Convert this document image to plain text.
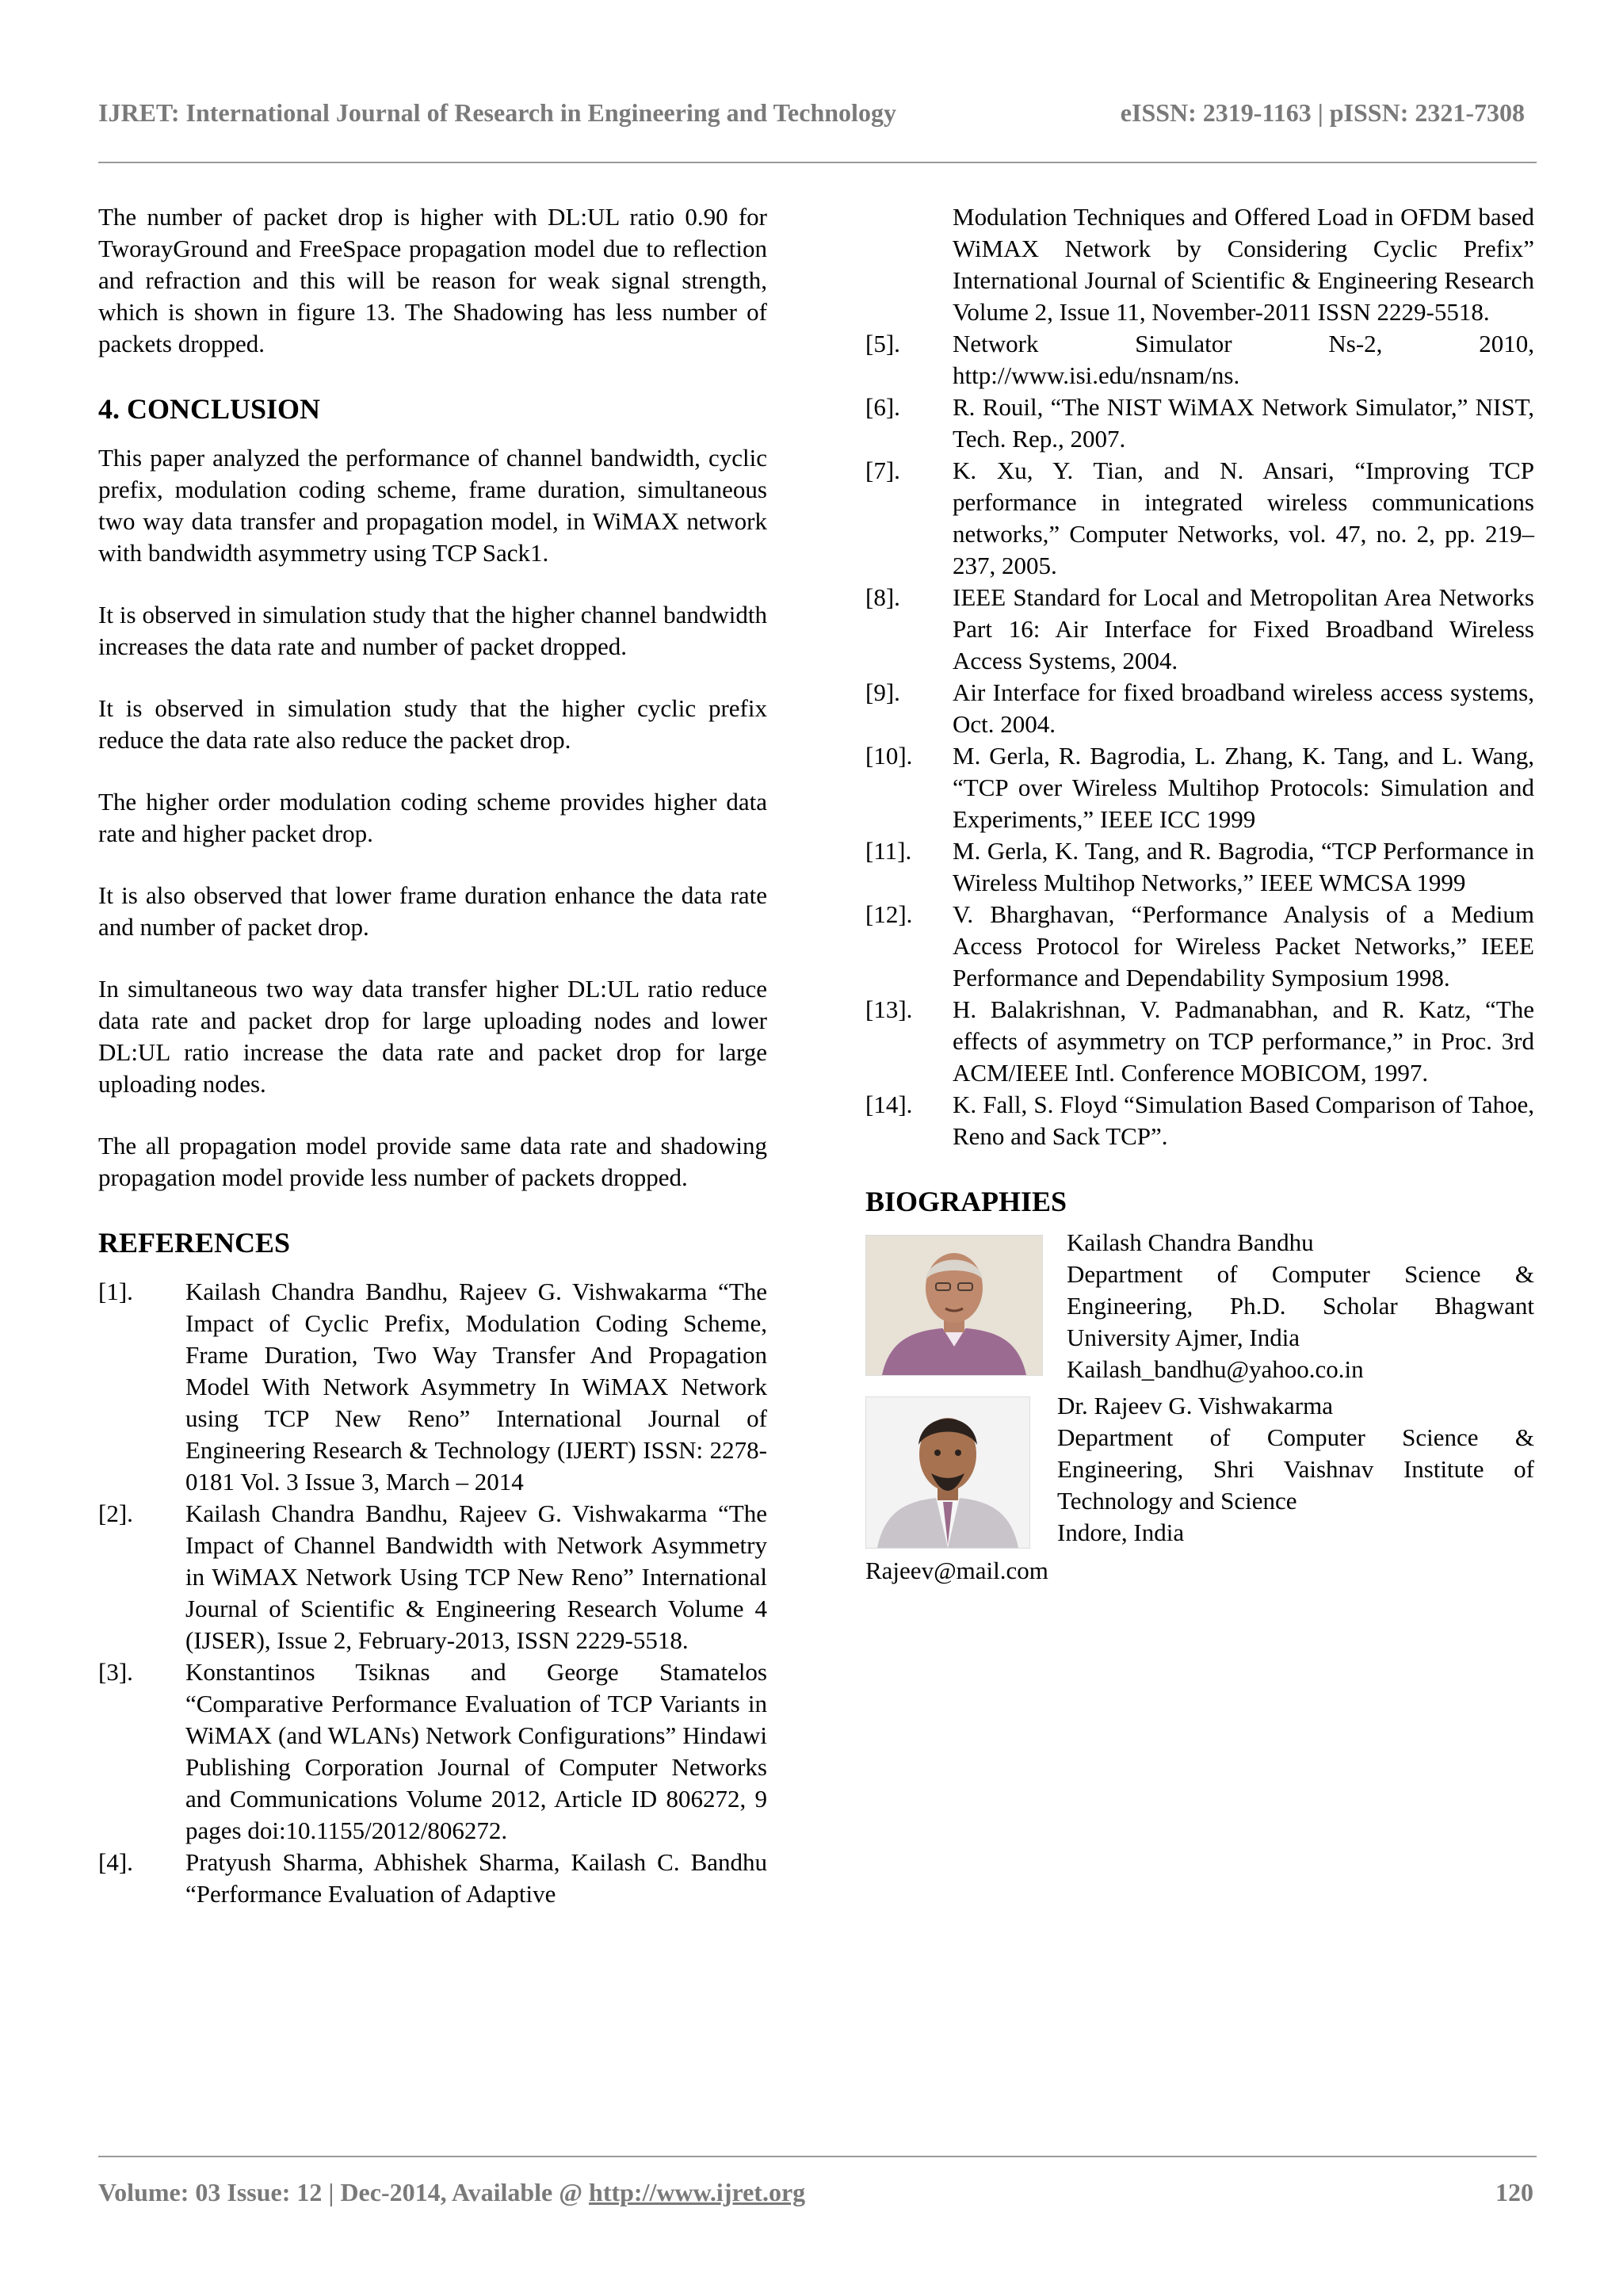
IJRET: International Journal of Research in Engineering and Technology	eISSN: 2319-1163 | pISSN: 2321-7308

The number of packet drop is higher with DL:UL ratio 0.90 for TworayGround and FreeSpace propagation model due to reflection and refraction and this will be reason for weak signal strength, which is shown in figure 13. The Shadowing has less number of packets dropped.

4. CONCLUSION

This paper analyzed the performance of channel bandwidth, cyclic prefix, modulation coding scheme, frame duration, simultaneous two way data transfer and propagation model, in WiMAX network with bandwidth asymmetry using TCP Sack1.

It is observed in simulation study that the higher channel bandwidth increases the data rate and number of packet dropped.

It is observed in simulation study that the higher cyclic prefix reduce the data rate also reduce the packet drop.

The higher order modulation coding scheme provides higher data rate and higher packet drop.

It is also observed that lower frame duration enhance the data rate and number of packet drop.

In simultaneous two way data transfer higher DL:UL ratio reduce data rate and packet drop for large uploading nodes and lower DL:UL ratio increase the data rate and packet drop for large uploading nodes.

The all propagation model provide same data rate and shadowing propagation model provide less number of packets dropped.

REFERENCES
[1].	Kailash Chandra Bandhu, Rajeev G. Vishwakarma “The Impact of Cyclic Prefix, Modulation Coding Scheme, Frame Duration, Two Way Transfer And Propagation Model With Network Asymmetry In WiMAX Network using TCP New Reno” International Journal of Engineering Research & Technology (IJERT) ISSN: 2278-0181 Vol. 3 Issue 3, March – 2014
[2].	Kailash Chandra Bandhu, Rajeev G. Vishwakarma “The Impact of Channel Bandwidth with Network Asymmetry in WiMAX Network Using TCP New Reno” International Journal of Scientific & Engineering Research Volume 4 (IJSER), Issue 2, February-2013, ISSN 2229-5518.
[3].	Konstantinos Tsiknas and George Stamatelos “Comparative Performance Evaluation of TCP Variants in WiMAX (and WLANs) Network Configurations” Hindawi Publishing Corporation Journal of Computer Networks and Communications Volume 2012, Article ID 806272, 9 pages doi:10.1155/2012/806272.
[4].	Pratyush Sharma, Abhishek Sharma, Kailash C. Bandhu “Performance Evaluation of Adaptive
Modulation Techniques and Offered Load in OFDM based WiMAX Network by Considering Cyclic Prefix” International Journal of Scientific & Engineering Research Volume 2, Issue 11, November-2011 ISSN 2229-5518.
[5].	Network Simulator Ns-2, 2010, http://www.isi.edu/nsnam/ns.
[6].	R. Rouil, “The NIST WiMAX Network Simulator,” NIST, Tech. Rep., 2007.
[7].	K. Xu, Y. Tian, and N. Ansari, “Improving TCP performance in integrated wireless communications networks,” Computer Networks, vol. 47, no. 2, pp. 219–237, 2005.
[8].	IEEE Standard for Local and Metropolitan Area Networks Part 16: Air Interface for Fixed Broadband Wireless Access Systems, 2004.
[9].	Air Interface for fixed broadband wireless access systems, Oct. 2004.
[10].	M. Gerla, R. Bagrodia, L. Zhang, K. Tang, and L. Wang, “TCP over Wireless Multihop Protocols: Simulation and Experiments,” IEEE ICC 1999
[11].	M. Gerla, K. Tang, and R. Bagrodia, “TCP Performance in Wireless Multihop Networks,” IEEE WMCSA 1999
[12].	V. Bharghavan, “Performance Analysis of a Medium Access Protocol for Wireless Packet Networks,” IEEE Performance and Dependability Symposium 1998.
[13].	H. Balakrishnan, V. Padmanabhan, and R. Katz, “The effects of asymmetry on TCP performance,” in Proc. 3rd ACM/IEEE Intl. Conference MOBICOM, 1997.
[14].	K. Fall, S. Floyd “Simulation Based Comparison of Tahoe, Reno and Sack TCP”.
BIOGRAPHIES
Kailash Chandra Bandhu

Department of Computer Science & Engineering, Ph.D. Scholar Bhagwant University Ajmer, India

Kailash_bandhu@yahoo.co.in
Dr. Rajeev G. Vishwakarma

Department of Computer Science & Engineering, Shri Vaishnav Institute of Technology and Science

Indore, India
Rajeev@mail.com
Volume: 03 Issue: 12 | Dec-2014, Available @ http://www.ijret.org	120
